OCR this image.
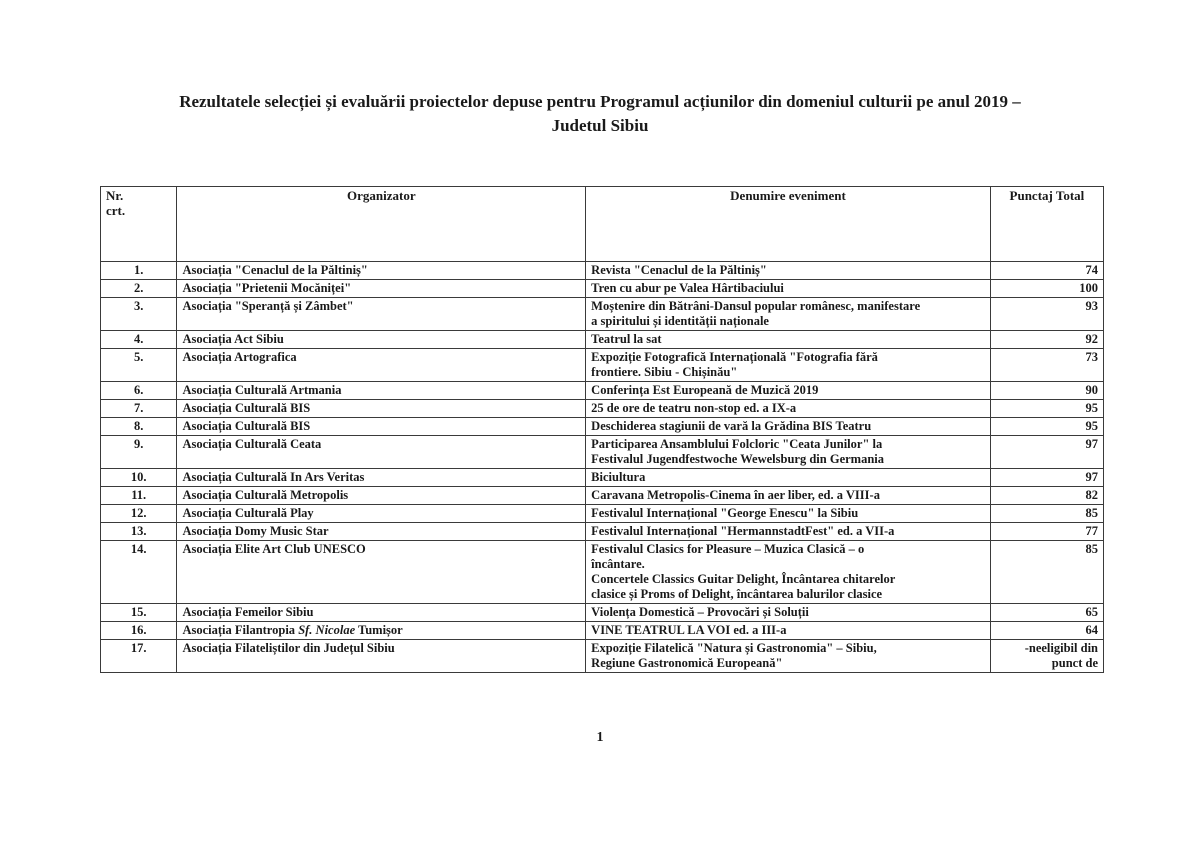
Rezultatele selecției și evaluării proiectelor depuse pentru Programul acțiunilor din domeniul culturii pe anul 2019 –
Judetul Sibiu
Nr.
crt.	Organizator	Denumire eveniment	Punctaj Total
1.	Asociația "Cenaclul de la Păltiniș"	Revista "Cenaclul de la Păltiniș"	74
2.	Asociația "Prietenii Mocăniței"	Tren cu abur pe Valea Hârtibaciului	100
3.	Asociația "Speranță și Zâmbet"	Moștenire din Bătrâni-Dansul popular românesc, manifestare
a spiritului și identității naționale	93
4.	Asociația Act Sibiu	Teatrul la sat	92
5.	Asociația Artografica	Expoziție Fotografică Internațională "Fotografia fără
frontiere. Sibiu - Chișinău"	73
6.	Asociația Culturală Artmania	Conferința Est Europeană de Muzică 2019	90
7.	Asociația Culturală BIS	25 de ore de teatru non-stop ed. a IX-a	95
8.	Asociația Culturală BIS	Deschiderea stagiunii de vară la Grădina BIS Teatru	95
9.	Asociația Culturală Ceata	Participarea Ansamblului Folcloric "Ceata Junilor" la
Festivalul Jugendfestwoche Wewelsburg din Germania	97
10.	Asociația Culturală In Ars Veritas	Biciultura	97
11.	Asociația Culturală Metropolis	Caravana Metropolis-Cinema în aer liber, ed. a VIII-a	82
12.	Asociația Culturală Play	Festivalul Internațional "George Enescu" la Sibiu	85
13.	Asociația Domy Music Star	Festivalul Internațional "HermannstadtFest" ed. a VII-a	77
14.	Asociația Elite Art Club UNESCO	Festivalul Clasics for Pleasure – Muzica Clasică – o
încântare.
Concertele Classics Guitar Delight, Încântarea chitarelor
clasice și Proms of Delight, încântarea balurilor clasice	85
15.	Asociația Femeilor Sibiu	Violența Domestică – Provocări și Soluții	65
16.	Asociația Filantropia Sf. Nicolae Tumișor	VINE TEATRUL LA VOI ed. a III-a	64
17.	Asociația Filateliștilor din Județul Sibiu	Expoziție Filatelică "Natura și Gastronomia" – Sibiu,
Regiune Gastronomică Europeană"	-neeligibil din
punct de
1
